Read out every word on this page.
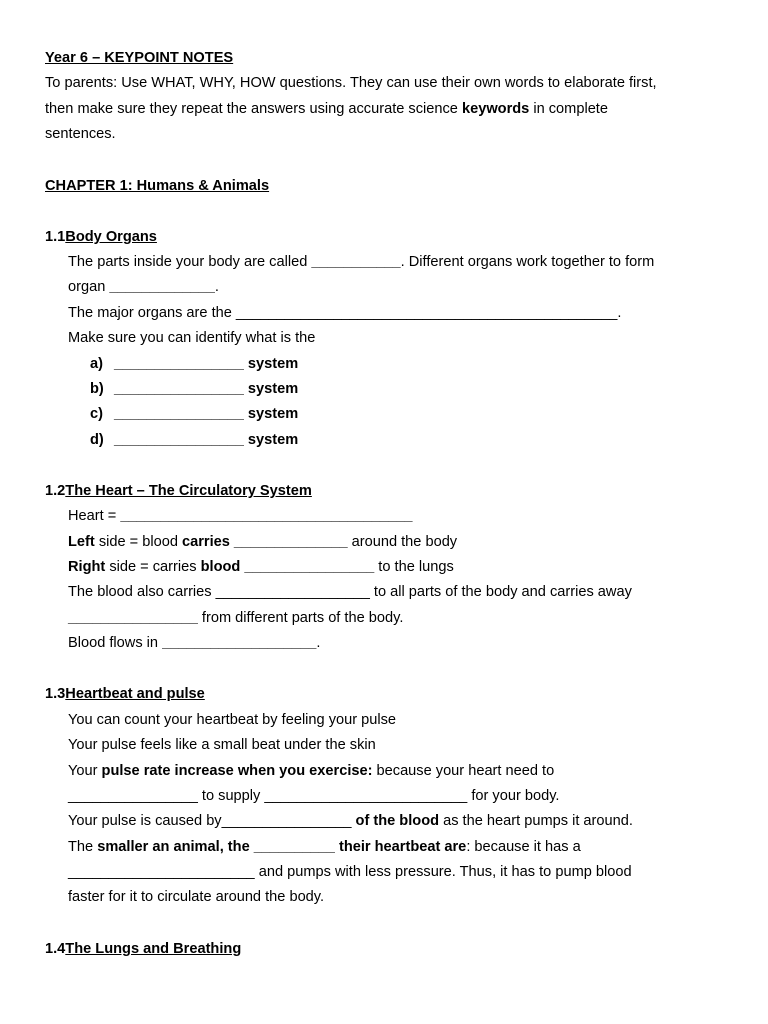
Year 6 – KEYPOINT NOTES
To parents: Use WHAT, WHY, HOW questions. They can use their own words to elaborate first,
then make sure they repeat the answers using accurate science keywords in complete
sentences.
CHAPTER 1: Humans & Animals
1.1Body Organs
The parts inside your body are called ___________. Different organs work together to form
organ _____________.
The major organs are the _______________________________________________.
Make sure you can identify what is the
a) ________________ system
b) ________________ system
c) ________________ system
d) ________________ system
1.2The Heart – The Circulatory System
Heart = ____________________________________
Left side = blood carries ______________ around the body
Right side = carries blood ________________ to the lungs
The blood also carries ___________________ to all parts of the body and carries away
________________ from different parts of the body.
Blood flows in ___________________.
1.3Heartbeat and pulse
You can count your heartbeat by feeling your pulse
Your pulse feels like a small beat under the skin
Your pulse rate increase when you exercise: because your heart need to
________________ to supply _________________________ for your body.
Your pulse is caused by________________ of the blood as the heart pumps it around.
The smaller an animal, the __________ their heartbeat are: because it has a
_______________________ and pumps with less pressure. Thus, it has to pump blood
faster for it to circulate around the body.
1.4The Lungs and Breathing
